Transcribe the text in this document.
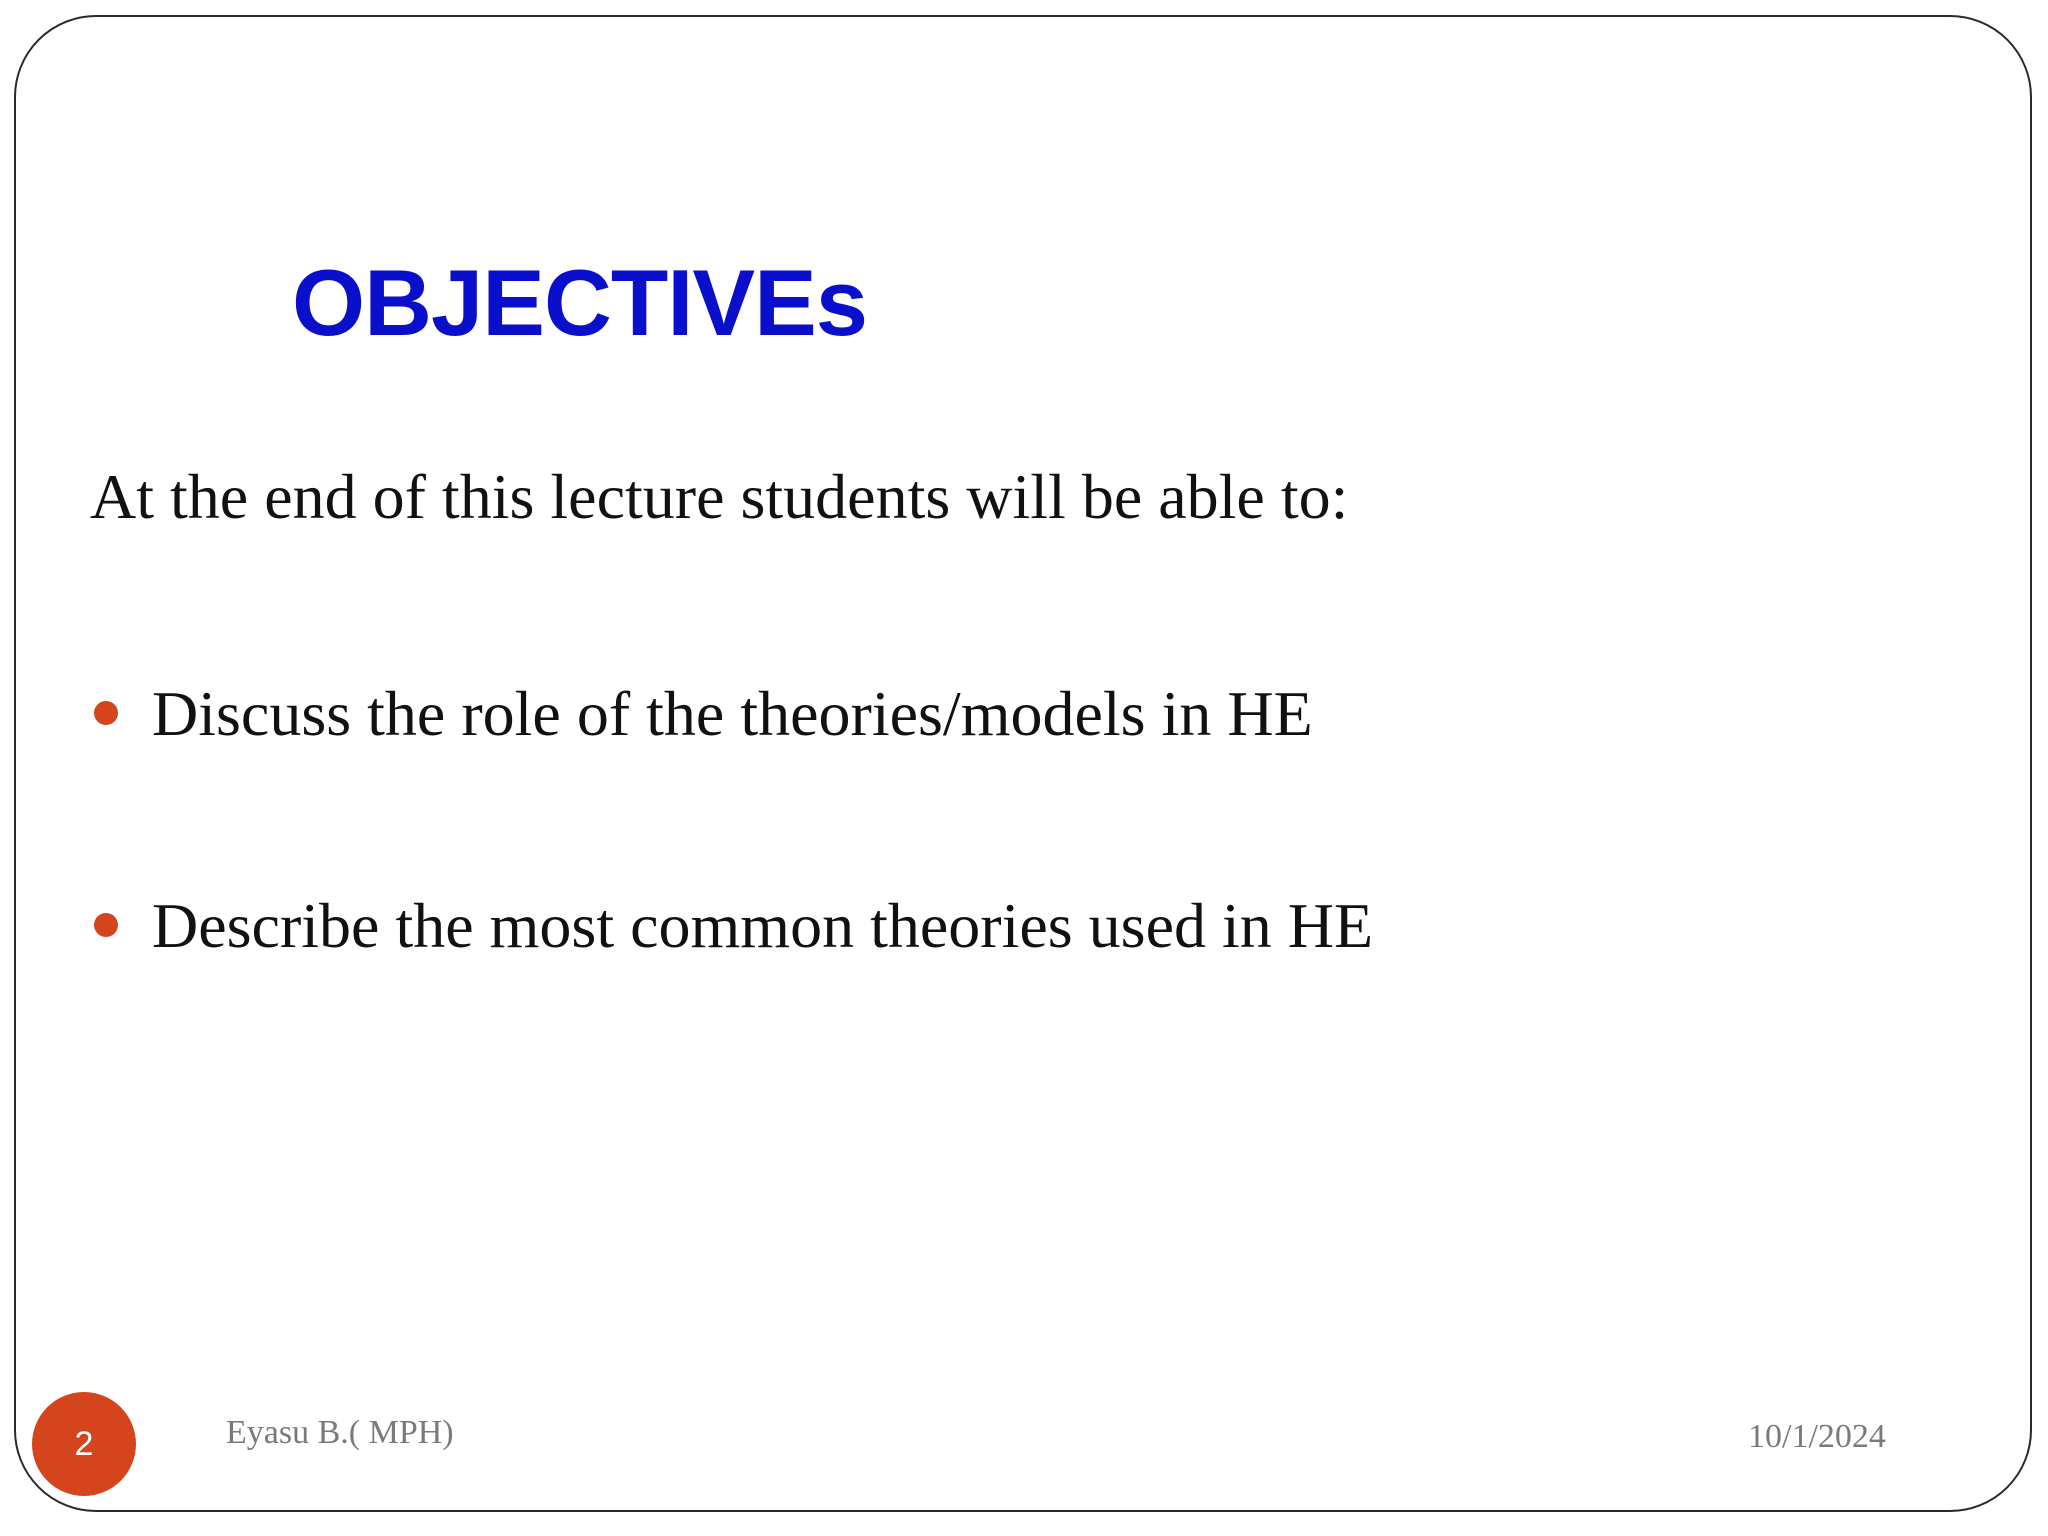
OBJECTIVEs

At the end of this lecture students will be able to:

Discuss the role of the theories/models in HE
Describe the most common theories used in HE
2	Eyasu B.( MPH)	10/1/2024
